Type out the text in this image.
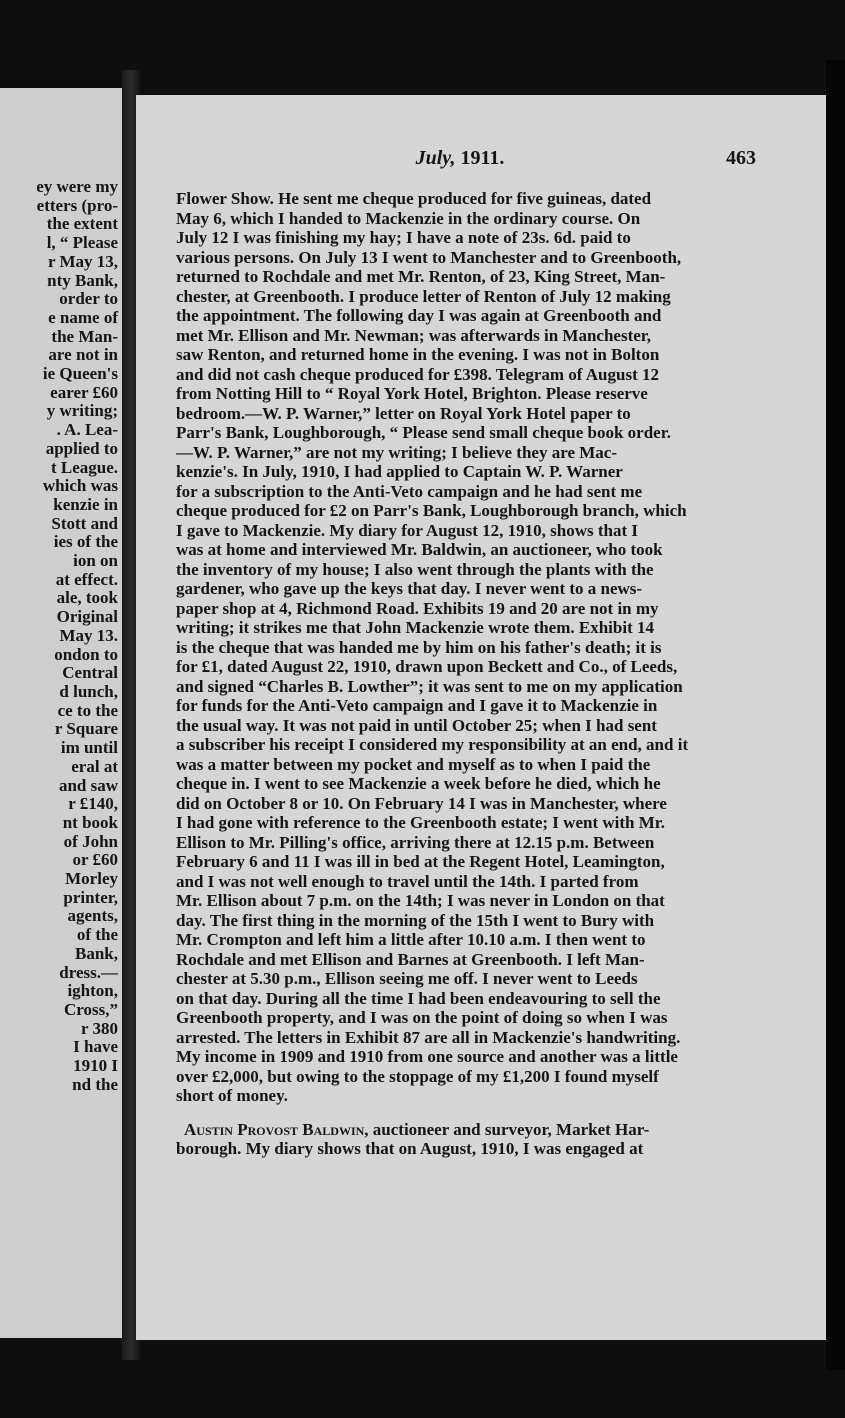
ey were my
etters (pro-
the extent
l, “ Please
r May 13,
nty Bank,
order to
e name of
the Man-
are not in
ie Queen's
earer £60
y writing;
. A. Lea-
applied to
t League.
which was
kenzie in
Stott and
ies of the
ion on
at effect.
ale, took
Original
May 13.
ondon to
Central
d lunch,
ce to the
r Square
im until
eral at
and saw
r £140,
nt book
of John
or £60
Morley
printer,
agents,
of the
Bank,
dress.—
ighton,
Cross,”
r 380
I have
1910 I
nd the
July, 1911.	463
Flower Show. He sent me cheque produced for five guineas, dated
May 6, which I handed to Mackenzie in the ordinary course. On
July 12 I was finishing my hay; I have a note of 23s. 6d. paid to
various persons. On July 13 I went to Manchester and to Greenbooth,
returned to Rochdale and met Mr. Renton, of 23, King Street, Man-
chester, at Greenbooth. I produce letter of Renton of July 12 making
the appointment. The following day I was again at Greenbooth and
met Mr. Ellison and Mr. Newman; was afterwards in Manchester,
saw Renton, and returned home in the evening. I was not in Bolton
and did not cash cheque produced for £398. Telegram of August 12
from Notting Hill to “ Royal York Hotel, Brighton. Please reserve
bedroom.—W. P. Warner,” letter on Royal York Hotel paper to
Parr's Bank, Loughborough, “ Please send small cheque book order.
—W. P. Warner,” are not my writing; I believe they are Mac-
kenzie's. In July, 1910, I had applied to Captain W. P. Warner
for a subscription to the Anti-Veto campaign and he had sent me
cheque produced for £2 on Parr's Bank, Loughborough branch, which
I gave to Mackenzie. My diary for August 12, 1910, shows that I
was at home and interviewed Mr. Baldwin, an auctioneer, who took
the inventory of my house; I also went through the plants with the
gardener, who gave up the keys that day. I never went to a news-
paper shop at 4, Richmond Road. Exhibits 19 and 20 are not in my
writing; it strikes me that John Mackenzie wrote them. Exhibit 14
is the cheque that was handed me by him on his father's death; it is
for £1, dated August 22, 1910, drawn upon Beckett and Co., of Leeds,
and signed “Charles B. Lowther”; it was sent to me on my application
for funds for the Anti-Veto campaign and I gave it to Mackenzie in
the usual way. It was not paid in until October 25; when I had sent
a subscriber his receipt I considered my responsibility at an end, and it
was a matter between my pocket and myself as to when I paid the
cheque in. I went to see Mackenzie a week before he died, which he
did on October 8 or 10. On February 14 I was in Manchester, where
I had gone with reference to the Greenbooth estate; I went with Mr.
Ellison to Mr. Pilling's office, arriving there at 12.15 p.m. Between
February 6 and 11 I was ill in bed at the Regent Hotel, Leamington,
and I was not well enough to travel until the 14th. I parted from
Mr. Ellison about 7 p.m. on the 14th; I was never in London on that
day. The first thing in the morning of the 15th I went to Bury with
Mr. Crompton and left him a little after 10.10 a.m. I then went to
Rochdale and met Ellison and Barnes at Greenbooth. I left Man-
chester at 5.30 p.m., Ellison seeing me off. I never went to Leeds
on that day. During all the time I had been endeavouring to sell the
Greenbooth property, and I was on the point of doing so when I was
arrested. The letters in Exhibit 87 are all in Mackenzie's handwriting.
My income in 1909 and 1910 from one source and another was a little
over £2,000, but owing to the stoppage of my £1,200 I found myself
short of money.
Austin Provost Baldwin, auctioneer and surveyor, Market Har-
borough. My diary shows that on August, 1910, I was engaged at
